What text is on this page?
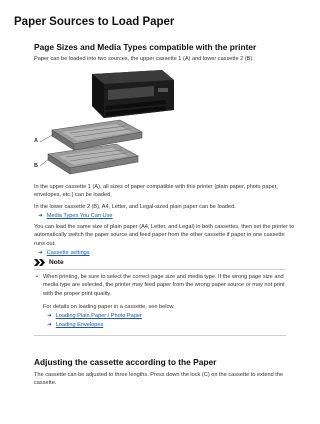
Paper Sources to Load Paper
Page Sizes and Media Types compatible with the printer
Paper can be loaded into two sources, the upper cassette 1 (A) and lower cassette 2 (B).
A
B
In the upper cassette 1 (A), all sizes of paper compatible with this printer (plain paper, photo paper,
envelopes, etc.) can be loaded.
In the lower cassette 2 (B), A4, Letter, and Legal-sized plain paper can be loaded.
➜ Media Types You Can Use
You can load the same size of plain paper (A4, Letter, and Legal) in both cassettes, then set the printer to
automatically switch the paper source and feed paper from the other cassette if paper in one cassette
runs out.
➜ Cassette settings
Note
• When printing, be sure to select the correct page size and media type. If the wrong page size and
media type are selected, the printer may feed paper from the wrong paper source or may not print
with the proper print quality.
For details on loading paper in a cassette, see below.
➜ Loading Plain Paper / Photo Paper
➜ Loading Envelopes
Adjusting the cassette according to the Paper
The cassette can be adjusted to three lengths. Press down the lock (C) on the cassette to extend the
cassette.
